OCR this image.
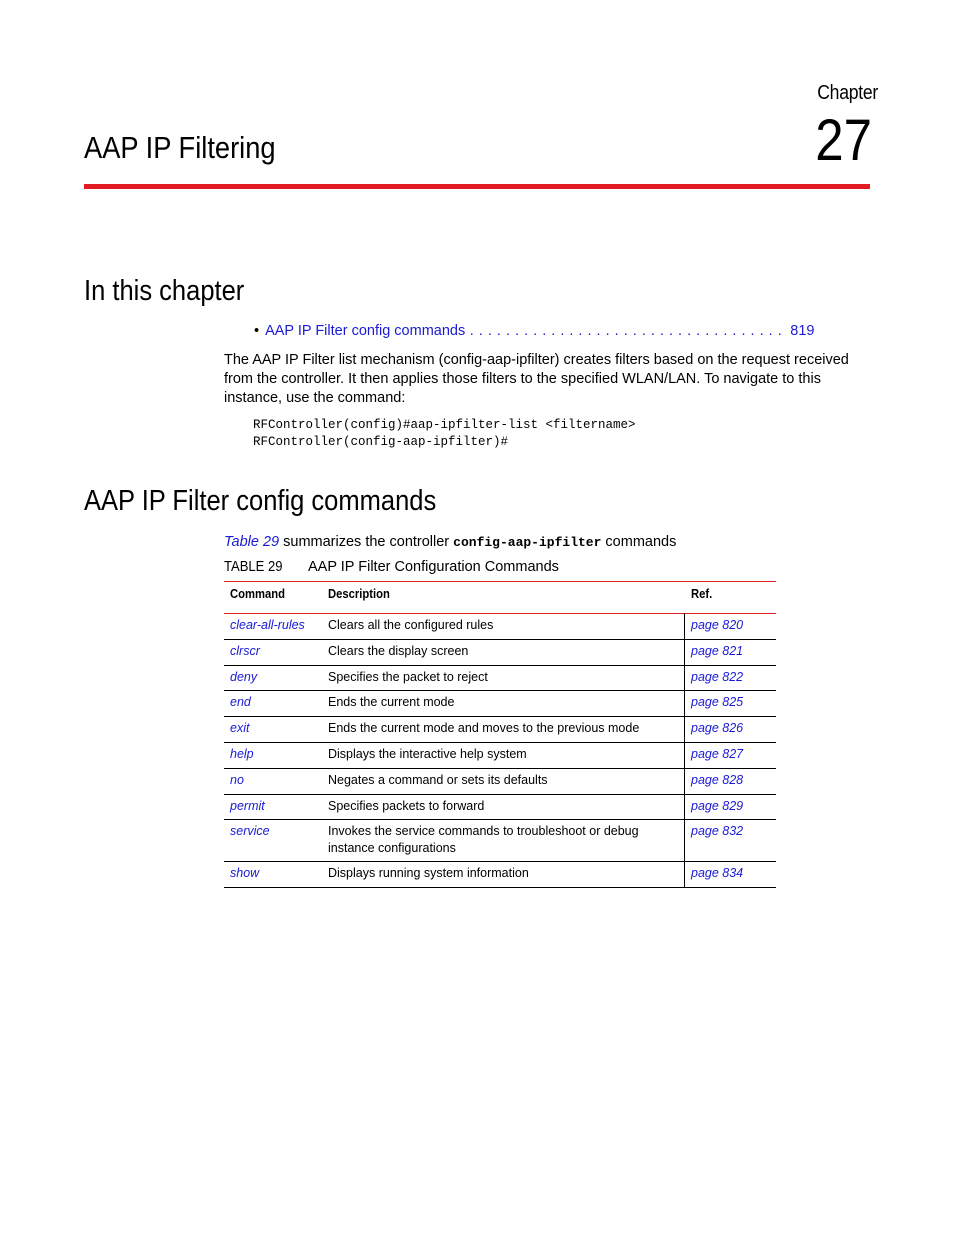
Chapter
27
AAP IP Filtering
In this chapter
• AAP IP Filter config commands . . . . . . . . . . . . . . . . . . . . . . . . . . . . . . . . . . . 819

The AAP IP Filter list mechanism (config-aap-ipfilter) creates filters based on the request received from the controller. It then applies those filters to the specified WLAN/LAN. To navigate to this instance, use the command:

RFController(config)#aap-ipfilter-list <filtername>
RFController(config-aap-ipfilter)#
AAP IP Filter config commands
Table 29 summarizes the controller config-aap-ipfilter commands
TABLE 29 AAP IP Filter Configuration Commands
Command	Description	Ref.
clear-all-rules	Clears all the configured rules	page 820
clrscr	Clears the display screen	page 821
deny	Specifies the packet to reject	page 822
end	Ends the current mode	page 825
exit	Ends the current mode and moves to the previous mode	page 826
help	Displays the interactive help system	page 827
no	Negates a command or sets its defaults	page 828
permit	Specifies packets to forward	page 829
service	Invokes the service commands to troubleshoot or debug instance configurations	page 832
show	Displays running system information	page 834
